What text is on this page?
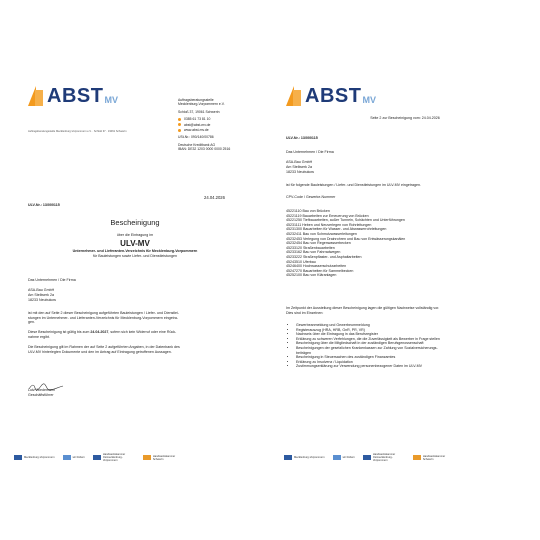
ABST MV	Auftragsberatungsstelle
Mecklenburg-Vorpommern e.V.
Schloß 37, 19061 Schwerin
0385 61 73 81 10
abst@abst-mv.de
www.abst-mv.de
USt-Nr.: 090/140/00786
Deutsche Kreditbank AG
IBAN: DE32 1203 0000 0000 2516
Auftragsberatungsstelle Mecklenburg-Vorpommern e.V. · Schloß 37 · 19061 Schwerin
24.04.2026
ULV-Nr.: 13/000115
Bescheinigung
über die Eintragung im
ULV-MV
Unternehmer- und Lieferanten-Verzeichnis für Mecklenburg-Vorpommern
für Bauleistungen sowie Liefer- und Dienstleistungen
Das Unternehmen / Die Firma
ASA-Bau GmbH
Am Stellwerk 2a
18233 Neubukow
ist mit den auf Seite 2 dieser Bescheinigung aufgeführten Bauleistungen / Liefer- und Dienstlei-
stungen im Unternehmer- und Lieferanten-Verzeichnis für Mecklenburg-Vorpommern eingetra-
gen.
Diese Bescheinigung ist gültig bis zum 24.04.2027, sofern sich kein Widerruf oder eine Rück-
nahme ergibt.
Die Bescheinigung gilt im Rahmen der auf Seite 2 aufgeführten Angaben, in der Datenbank des
ULV-MV hinterlegten Dokumente und den im Antrag auf Eintragung getroffenen Aussagen.
Lutz Wiedemann
Geschäftsführer
Mecklenburg-Vorpommern	wir fördern
Handwerkskammer Ostmecklenburg-Vorpommern
Handwerkskammer Schwerin
ABST MV
Seite 2 zur Bescheinigung vom: 24.04.2026
ULV-Nr.: 13/000115
Das Unternehmen / Die Firma
ASA-Bau GmbH
Am Stellwerk 2a
18233 Neubukow
ist für folgende Bauleistungen / Liefer- und Dienstleistungen im ULV-MV eingetragen.
CPV-Code / Gewerke-Nummer
45221110 Bau von Brücken
45221119 Bauarbeiten zur Erneuerung von Brücken
45221250 Tiefbauarbeiten, außer Tunneln, Schächten und Unterführungen
45231111 Heben und Neuverlegen von Rohrleitungen
45231300 Bauarbeiten für Wasser- und Abwasserrohrleitungen
45232411 Bau von Schmutzwasserleitungen
45232453 Verlegung von Drainrohren und Bau von Entwässerungskanälen
45232454 Bau von Regenwasserbecken
45233120 Straßenbauarbeiten
45233162 Bau von Fahrradwegen
45233222 Straßenpflaster- und Asphaltarbeiten
45243510 Uferbau
45246400 Hochwasserschutzarbeiten
45247270 Bauarbeiten für Sammelbecken
45252100 Bau von Kläranlagen
Im Zeitpunkt der Ausstellung dieser Bescheinigung lagen die gültigen Nachweise vollständig vor.
Dies sind im Einzelnen:
• Gewerbeanmeldung und Gewerbeummeldung
• Registerauszug (HRA, HRB, GnR, PR, VR)
• Nachweis über die Eintragung in das Berufsregister
• Erklärung zu schweren Verfehlungen, die die Zuverlässigkeit als Bewerber in Frage stellen
• Bescheinigung über die Mitgliedschaft in der zuständigen Berufsgenossenschaft
• Bescheinigungen der gesetzlichen Krankenkassen zur Zahlung von Sozialversicherungs-
beiträgen
• Bescheinigung in Steuersachen des zuständigen Finanzamtes
• Erklärung zu Insolvenz / Liquidation
• Zustimmungserklärung zur Verwendung personenbezogener Daten im ULV-MV
Mecklenburg-Vorpommern	wir fördern
Handwerkskammer Ostmecklenburg-Vorpommern
Handwerkskammer Schwerin
